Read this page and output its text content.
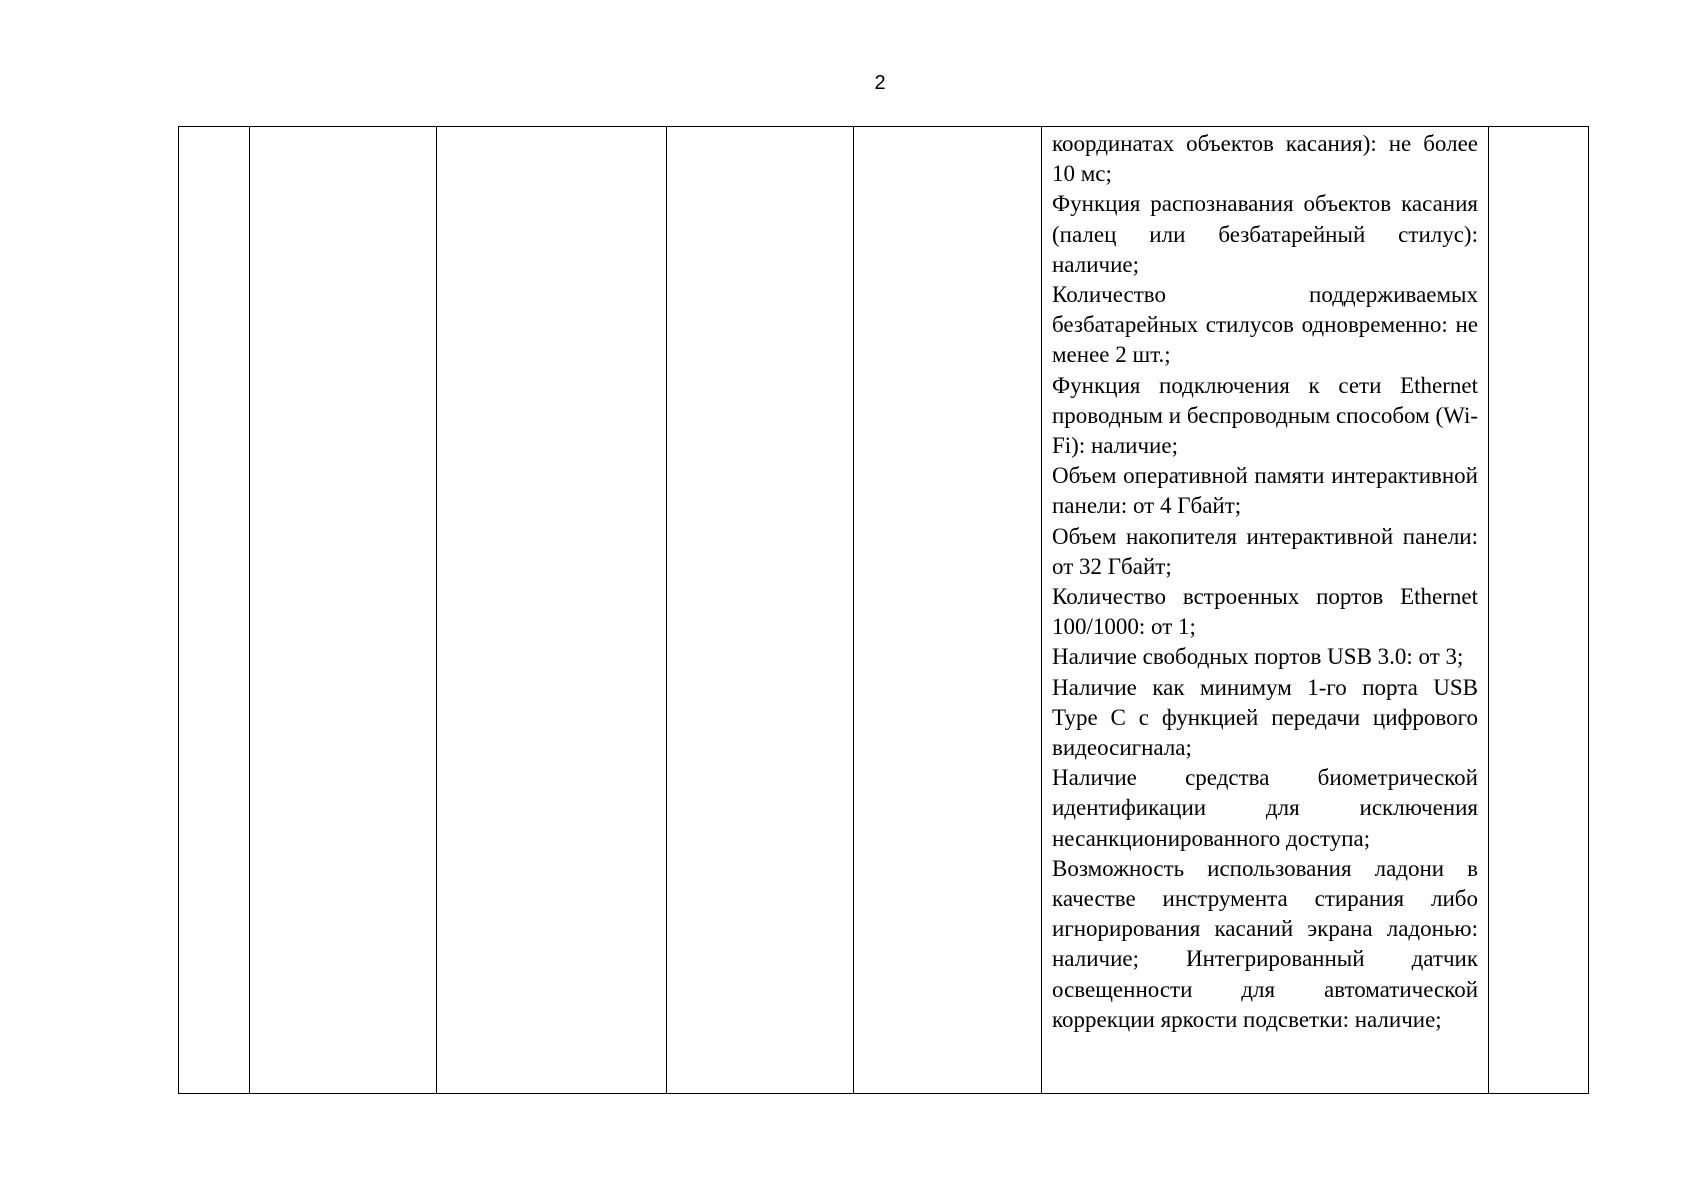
2

координатах объектов касания): не более 10 мс;

Функция распознавания объектов касания (палец или безбатарейный стилус): наличие;

Количество поддерживаемых безбатарейных стилусов одновременно: не менее 2 шт.;

Функция подключения к сети Ethernet проводным и беспроводным способом (Wi-Fi): наличие;

Объем оперативной памяти интерактивной панели: от 4 Гбайт;

Объем накопителя интерактивной панели: от 32 Гбайт;

Количество встроенных портов Ethernet 100/1000: от 1;

Наличие свободных портов USB 3.0: от 3;

Наличие как минимум 1-го порта USB Type C с функцией передачи цифрового видеосигнала;

Наличие средства биометрической идентификации для исключения несанкционированного доступа;

Возможность использования ладони в качестве инструмента стирания либо игнорирования касаний экрана ладонью: наличие; Интегрированный датчик освещенности для автоматической коррекции яркости подсветки: наличие;
